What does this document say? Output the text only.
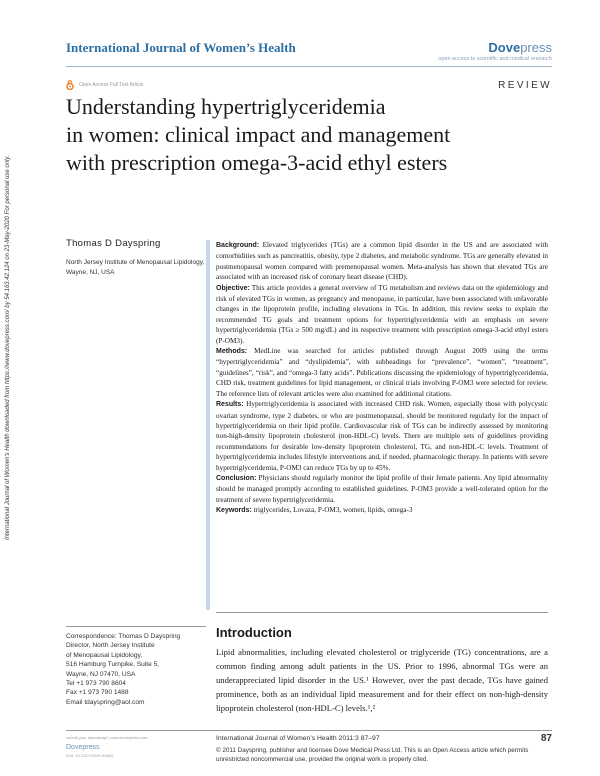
International Journal of Women’s Health	Dovepress
open access to scientific and medical research
Open Access Full Text Article	REVIEW
Understanding hypertriglyceridemia
in women: clinical impact and management
with prescription omega-3-acid ethyl esters
International Journal of Women's Health downloaded from https://www.dovepress.com/ by 54.163.42.124 on 23-May-2020 For personal use only.	Thomas D Dayspring
North Jersey Institute of Menopausal Lipidology, Wayne, NJ, USA

Background: Elevated triglycerides (TGs) are a common lipid disorder in the US and are associated with comorbidities such as pancreatitis, obesity, type 2 diabetes, and metabolic syndrome. TGs are generally elevated in postmenopausal women compared with premenopausal women. Meta-analysis has shown that elevated TGs are associated with an increased risk of coronary heart disease (CHD).

Objective: This article provides a general overview of TG metabolism and reviews data on the epidemiology and risk of elevated TGs in women, as pregnancy and menopause, in particular, have been associated with unfavorable changes in the lipoprotein profile, including elevations in TGs. In addition, this review seeks to explain the recommended TG goals and treatment options for hypertriglyceridemia with an emphasis on severe hypertriglyceridemia (TGs ≥ 500 mg/dL) and its respective treatment with prescription omega-3-acid ethyl esters (P-OM3).

Methods: MedLine was searched for articles published through August 2009 using the terms “hypertriglyceridemia” and “dyslipidemia”, with subheadings for “prevalence”, “women”, “treatment”, “guidelines”, “risk”, and “omega-3 fatty acids”. Publications discussing the epidemiology of hypertriglyceridemia, CHD risk, treatment guidelines for lipid management, or clinical trials involving P-OM3 were selected for review. The reference lists of relevant articles were also examined for additional citations.

Results: Hypertriglyceridemia is associated with increased CHD risk. Women, especially those with polycystic ovarian syndrome, type 2 diabetes, or who are postmenopausal, should be monitored regularly for the impact of hypertriglyceridemia on their lipid profile. Cardiovascular risk of TGs can be indirectly assessed by monitoring non-high-density lipoprotein cholesterol (non-HDL-C) levels. There are multiple sets of guidelines providing recommendations for desirable low-density lipoprotein cholesterol, TG, and non-HDL-C levels. Treatment of hypertriglyceridemia includes lifestyle interventions and, if needed, pharmacologic therapy. In patients with severe hypertriglyceridemia, P-OM3 can reduce TGs by up to 45%.

Conclusion: Physicians should regularly monitor the lipid profile of their female patients. Any lipid abnormality should be managed promptly according to established guidelines. P-OM3 provide a well-tolerated option for the treatment of severe hypertriglyceridemia.

Keywords: triglycerides, Lovaza, P-OM3, women, lipids, omega-3

Correspondence: Thomas D Dayspring
Director, North Jersey Institute
of Menopausal Lipidology,
516 Hamburg Turnpike, Suite 5,
Wayne, NJ 07470, USA
Tel +1 973 790 8604
Fax +1 973 790 1488
Email tdayspring@aol.com
Introduction
Lipid abnormalities, including elevated cholesterol or triglyceride (TG) concentrations, are a common finding among adult patients in the US. Prior to 1996, abnormal TGs were an underappreciated lipid disorder in the US.¹ However, over the past decade, TGs have gained prominence, both as an individual lipid measurement and for their effect on non-high-density lipoprotein cholesterol (non-HDL-C) levels.¹,²
submit your manuscript | www.dovepress.com
Dovepress
DOI: 10.2147/IJWH.S4502
International Journal of Women’s Health 2011:3 87–97	87
© 2011 Dayspring, publisher and licensee Dove Medical Press Ltd. This is an Open Access article which permits unrestricted noncommercial use, provided the original work is properly cited.
